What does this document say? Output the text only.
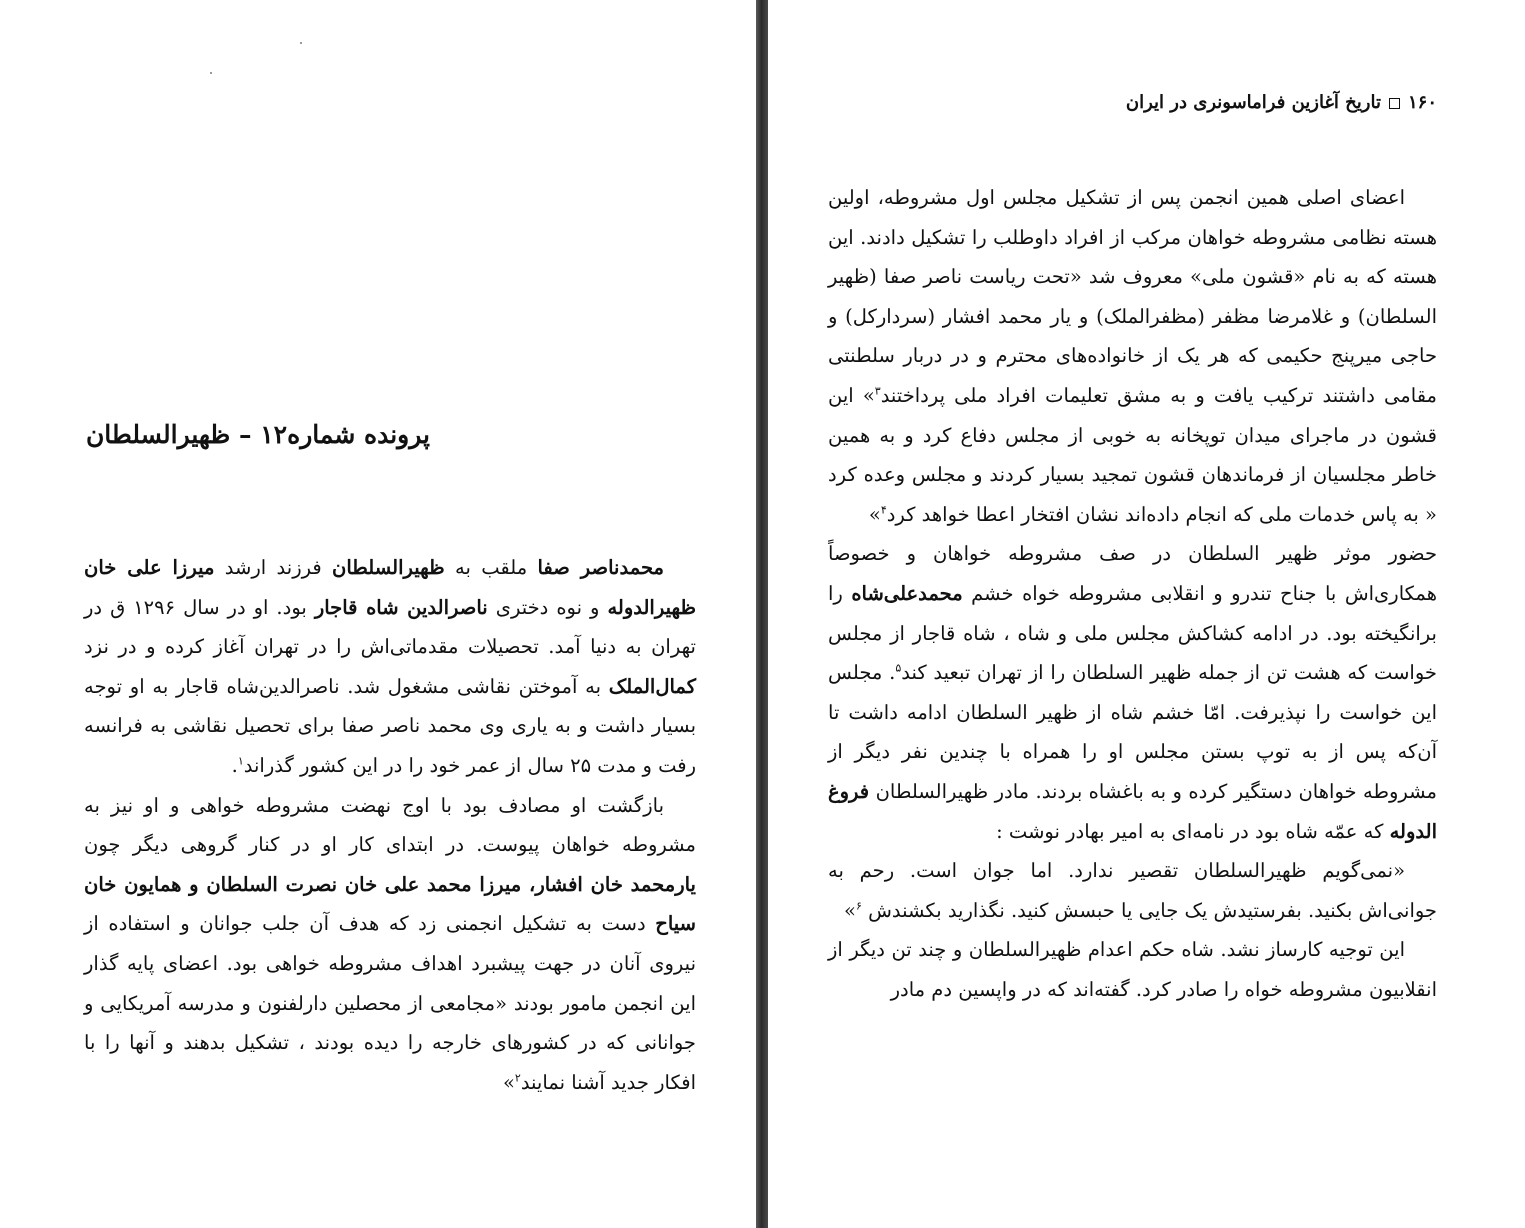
پرونده شماره۱۲ – ظهیرالسلطان

محمدناصر صفا ملقب به ظهیرالسلطان فرزند ارشد میرزا علی خان ظهیرالدوله و نوه دختری ناصرالدین شاه قاجار بود. او در سال ۱۲۹۶ ق در تهران به دنیا آمد. تحصیلات مقدماتی‌اش را در تهران آغاز کرده و در نزد کمال‌الملک به آموختن نقاشی مشغول شد. ناصرالدین‌شاه قاجار به او توجه بسیار داشت و به یاری وی محمد ناصر صفا برای تحصیل نقاشی به فرانسه رفت و مدت ۲۵ سال از عمر خود را در این کشور گذراند$^۱$.

بازگشت او مصادف بود با اوج نهضت مشروطه خواهی و او نیز به مشروطه خواهان پیوست. در ابتدای کار او در کنار گروهی دیگر چون یارمحمد خان افشار، میرزا محمد علی خان نصرت السلطان و همایون خان سیاح دست به تشکیل انجمنی زد که هدف آن جلب جوانان و استفاده از نیروی آنان در جهت پیشبرد اهداف مشروطه خواهی بود. اعضای پایه گذار این انجمن مامور بودند «مجامعی از محصلین دارلفنون و مدرسه آمریکایی و جوانانی که در کشورهای خارجه را دیده بودند ، تشکیل بدهند و آنها را با افکار جدید آشنا نمایند$^۲$»

١۶٠تاریخ آغازین فراماسونری در ایران

اعضای اصلی همین انجمن پس از تشکیل مجلس اول مشروطه، اولین هسته نظامی مشروطه خواهان مرکب از افراد داوطلب را تشکیل دادند. این هسته که به نام «قشون ملی» معروف شد «تحت ریاست ناصر صفا (ظهیر السلطان) و غلامرضا مظفر (مظفرالملک) و یار محمد افشار (سردارکل) و حاجی میرپنج حکیمی که هر یک از خانواده‌های محترم و در دربار سلطنتی مقامی داشتند ترکیب یافت و به مشق تعلیمات افراد ملی پرداختند$^۳$» این قشون در ماجرای میدان توپخانه به خوبی از مجلس دفاع کرد و به همین خاطر مجلسیان از فرماندهان قشون تمجید بسیار کردند و مجلس وعده کرد « به پاس خدمات ملی که انجام داده‌اند نشان افتخار اعطا خواهد کرد$^۴$»

حضور موثر ظهیر السلطان در صف مشروطه خواهان و خصوصاً همکاری‌اش با جناح تندرو و انقلابی مشروطه خواه خشم محمدعلی‌شاه را برانگیخته بود. در ادامه کشاکش مجلس ملی و شاه ، شاه قاجار از مجلس خواست که هشت تن از جمله ظهیر السلطان را از تهران تبعید کند$^۵$. مجلس این خواست را نپذیرفت. امّا خشم شاه از ظهیر السلطان ادامه داشت تا آن‌که پس از به توپ بستن مجلس او را همراه با چندین نفر دیگر از مشروطه خواهان دستگیر کرده و به باغشاه بردند. مادر ظهیرالسلطان فروغ الدوله که عمّه شاه بود در نامه‌ای به امیر بهادر نوشت :

«نمی‌گویم ظهیرالسلطان تقصیر ندارد. اما جوان است. رحم به جوانی‌اش بکنید. بفرستیدش یک جایی یا حبسش کنید. نگذارید بکشندش $^۶$»

این توجیه کارساز نشد. شاه حکم اعدام ظهیرالسلطان و چند تن دیگر از انقلابیون مشروطه خواه را صادر کرد. گفته‌اند که در واپسین دم مادر
